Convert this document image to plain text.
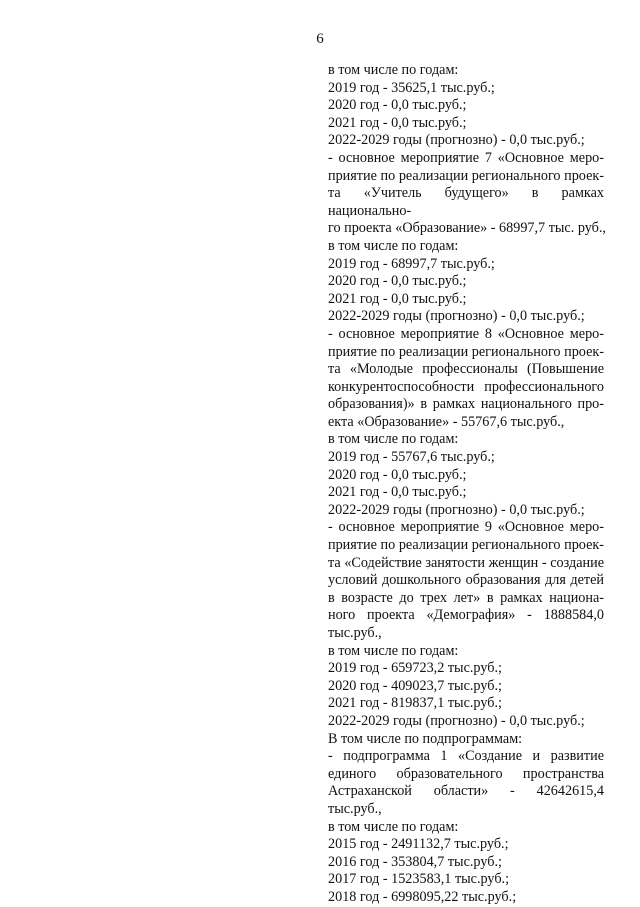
6
в том числе по годам:
2019 год - 35625,1 тыс.руб.;
2020 год - 0,0 тыс.руб.;
2021 год - 0,0 тыс.руб.;
2022-2029 годы (прогнозно) - 0,0 тыс.руб.;
- основное мероприятие 7 «Основное меро-
приятие по реализации регионального проек-
та «Учитель будущего» в рамках национально-
го проекта «Образование» - 68997,7 тыс. руб.,
в том числе по годам:
2019 год - 68997,7 тыс.руб.;
2020 год - 0,0 тыс.руб.;
2021 год - 0,0 тыс.руб.;
2022-2029 годы (прогнозно) - 0,0 тыс.руб.;
- основное мероприятие 8 «Основное меро-
приятие по реализации регионального проек-
та «Молодые профессионалы (Повышение
конкурентоспособности профессионального
образования)» в рамках национального про-
екта «Образование» - 55767,6 тыс.руб.,
в том числе по годам:
2019 год - 55767,6 тыс.руб.;
2020 год - 0,0 тыс.руб.;
2021 год - 0,0 тыс.руб.;
2022-2029 годы (прогнозно) - 0,0 тыс.руб.;
- основное мероприятие 9 «Основное меро-
приятие по реализации регионального проек-
та «Содействие занятости женщин - создание
условий дошкольного образования для детей
в возрасте до трех лет» в рамках национа-
ного проекта «Демография» - 1888584,0
тыс.руб.,
в том числе по годам:
2019 год - 659723,2 тыс.руб.;
2020 год - 409023,7 тыс.руб.;
2021 год - 819837,1 тыс.руб.;
2022-2029 годы (прогнозно) - 0,0 тыс.руб.;
В том числе по подпрограммам:
- подпрограмма 1 «Создание и развитие
единого образовательного пространства
Астраханской области» - 42642615,4
тыс.руб.,
в том числе по годам:
2015 год - 2491132,7 тыс.руб.;
2016 год - 353804,7 тыс.руб.;
2017 год - 1523583,1 тыс.руб.;
2018 год - 6998095,22 тыс.руб.;
